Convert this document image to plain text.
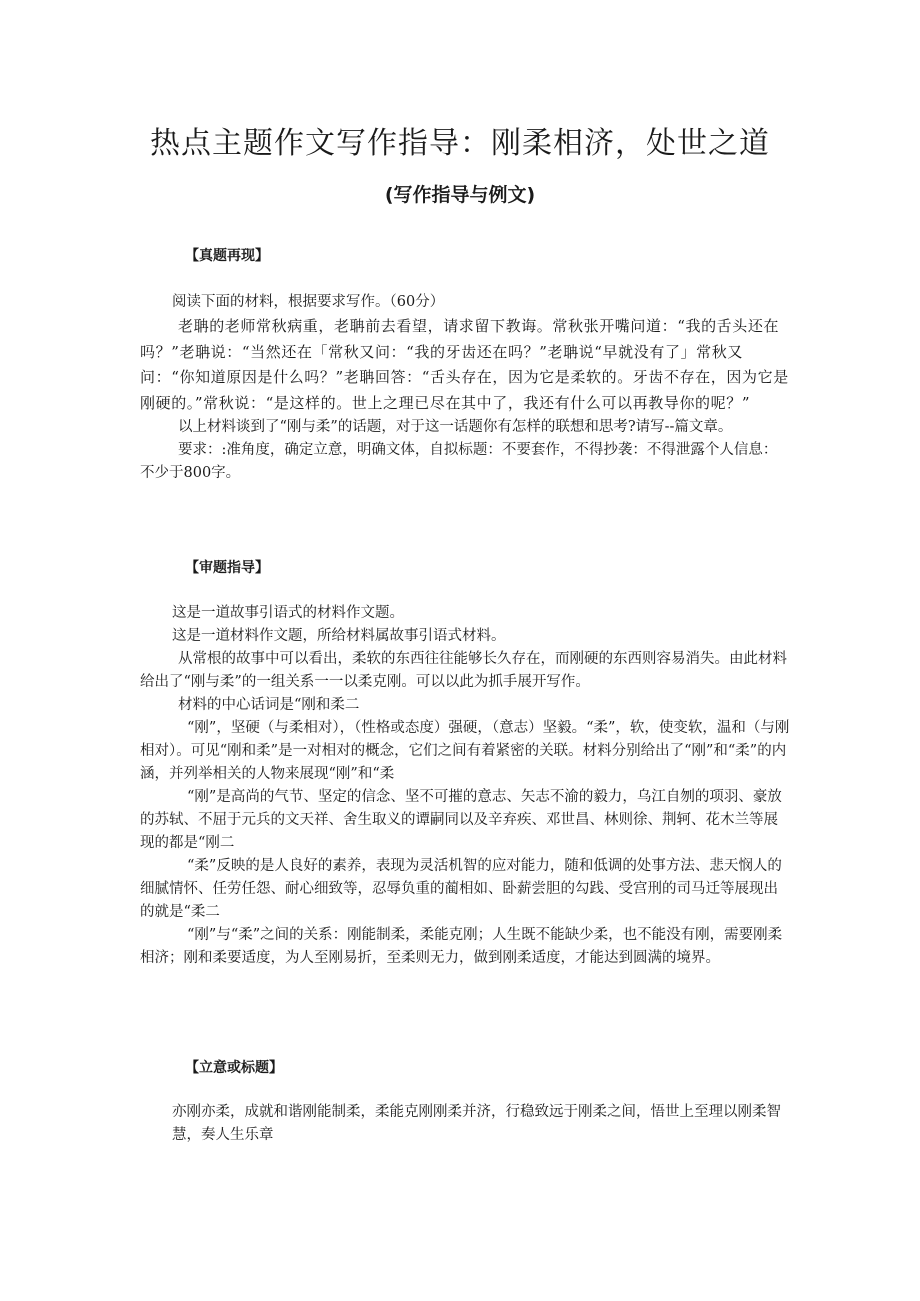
热点主题作文写作指导：刚柔相济，处世之道
(写作指导与例文)
【真题再现】

阅读下面的材料，根据要求写作。（60分）

老聃的老师常秋病重，老聃前去看望，请求留下教诲。常秋张开嘴问道：“我的舌头还在吗？”老聃说：“当然还在「常秋又问：“我的牙齿还在吗？”老聃说“早就没有了」常秋又问：“你知道原因是什么吗？”老聃回答：“舌头存在，因为它是柔软的。牙齿不存在，因为它是刚硬的。”常秋说：“是这样的。世上之理已尽在其中了，我还有什么可以再教导你的呢？”

以上材料谈到了“刚与柔”的话题，对于这一话题你有怎样的联想和思考?请写--篇文章。

要求：:准角度，确定立意，明确文体，自拟标题：不要套作，不得抄袭：不得泄露个人信息：不少于800字。

【审题指导】

这是一道故事引语式的材料作文题。

这是一道材料作文题，所给材料属故事引语式材料。

从常根的故事中可以看出，柔软的东西往往能够长久存在，而刚硬的东西则容易消失。由此材料给出了“刚与柔”的一组关系一一以柔克刚。可以以此为抓手展开写作。

材料的中心话词是“刚和柔二

“刚”，坚硬（与柔相对），（性格或态度）强硬，（意志）坚毅。“柔”，软，使变软，温和（与刚相对）。可见“刚和柔”是一对相对的概念，它们之间有着紧密的关联。材料分别给出了“刚”和“柔”的内涵，并列举相关的人物来展现“刚”和“柔

“刚”是高尚的气节、坚定的信念、坚不可摧的意志、矢志不渝的毅力，乌江自刎的项羽、豪放的苏轼、不屈于元兵的文天祥、舍生取义的谭嗣同以及辛弃疾、邓世昌、林则徐、荆轲、花木兰等展现的都是“刚二

“柔”反映的是人良好的素养，表现为灵活机智的应对能力，随和低调的处事方法、悲天悯人的细腻情怀、任劳任怨、耐心细致等，忍辱负重的蔺相如、卧薪尝胆的勾践、受宫刑的司马迁等展现出的就是“柔二

“刚”与“柔”之间的关系：刚能制柔，柔能克刚；人生既不能缺少柔，也不能没有刚，需要刚柔相济；刚和柔要适度，为人至刚易折，至柔则无力，做到刚柔适度，才能达到圆满的境界。

【立意或标题】

亦刚亦柔，成就和谐刚能制柔，柔能克刚刚柔并济，行稳致远于刚柔之间，悟世上至理以刚柔智慧，奏人生乐章
